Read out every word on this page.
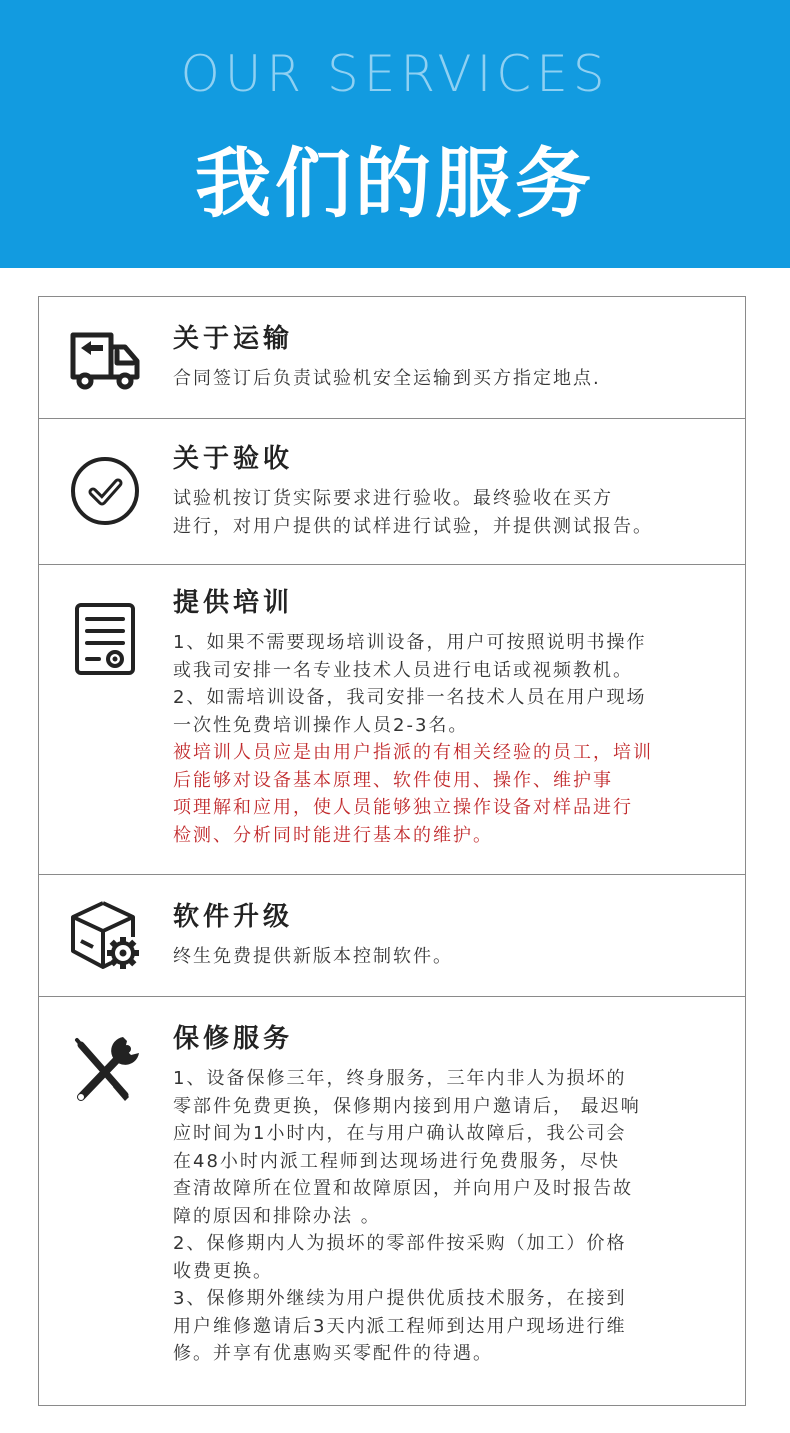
OUR SERVICES
我们的服务
关于运输
合同签订后负责试验机安全运输到买方指定地点.
关于验收
试验机按订货实际要求进行验收。最终验收在买方
进行，对用户提供的试样进行试验，并提供测试报告。
提供培训
1、如果不需要现场培训设备，用户可按照说明书操作
或我司安排一名专业技术人员进行电话或视频教机。
2、如需培训设备，我司安排一名技术人员在用户现场
一次性免费培训操作人员2-3名。
被培训人员应是由用户指派的有相关经验的员工，培训
后能够对设备基本原理、软件使用、操作、维护事
项理解和应用，使人员能够独立操作设备对样品进行
检测、分析同时能进行基本的维护。
软件升级
终生免费提供新版本控制软件。
保修服务
1、设备保修三年，终身服务，三年内非人为损坏的
零部件免费更换，保修期内接到用户邀请后， 最迟响
应时间为1小时内，在与用户确认故障后，我公司会
在48小时内派工程师到达现场进行免费服务，尽快
查清故障所在位置和故障原因，并向用户及时报告故
障的原因和排除办法 。
2、保修期内人为损坏的零部件按采购（加工）价格
收费更换。
3、保修期外继续为用户提供优质技术服务，在接到
用户维修邀请后3天内派工程师到达用户现场进行维
修。并享有优惠购买零配件的待遇。
